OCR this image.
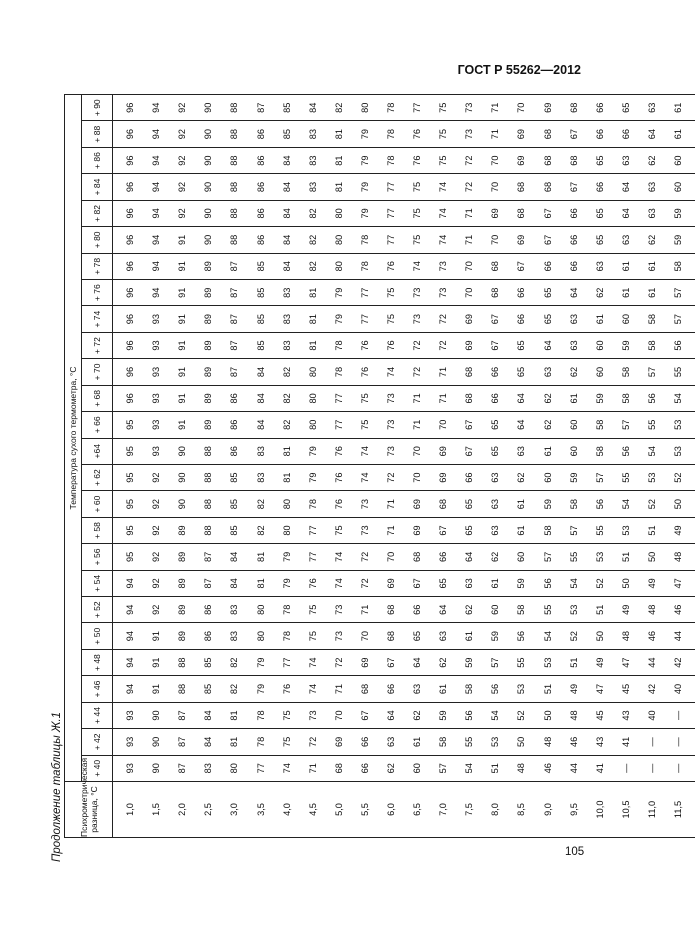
ГОСТ Р 55262—2012

Продолжение таблицы Ж.1 Психрометрическая разница, °С	Температура сухого термометра, °С																									
	+ 40	+ 42	+ 44	+ 46	+ 48	+ 50	+ 52	+ 54	+ 56	+ 58	+ 60	+ 62	+64	+ 66	+ 68	+ 70	+ 72	+ 74	+ 76	+ 78	+ 80	+ 82	+ 84	+ 86	+ 88	+ 90
1,0	93	93	93	94	94	94	94	94	95	95	95	95	95	95	96	96	96	96	96	96	96	96	96	96	96	96
1,5	90	90	90	91	91	91	92	92	92	92	92	92	93	93	93	93	93	93	94	94	94	94	94	94	94	94
2,0	87	87	87	88	88	89	89	89	89	89	90	90	90	91	91	91	91	91	91	91	91	92	92	92	92	92
2,5	83	84	84	85	85	86	86	87	87	88	88	88	88	89	89	89	89	89	89	89	90	90	90	90	90	90
3,0	80	81	81	82	82	83	83	84	84	85	85	85	86	86	86	87	87	87	87	87	88	88	88	88	88	88
3,5	77	78	78	79	79	80	80	81	81	82	82	83	83	84	84	84	85	85	85	85	86	86	86	86	86	87
4,0	74	75	75	76	77	78	78	79	79	80	80	81	81	82	82	82	83	83	83	84	84	84	84	84	85	85
4,5	71	72	73	74	74	75	75	76	77	77	78	79	79	80	80	80	81	81	81	82	82	82	83	83	83	84
5,0	68	69	70	71	72	73	73	74	74	75	76	76	76	77	77	78	78	79	79	80	80	80	81	81	81	82
5,5	66	66	67	68	69	70	71	72	72	73	73	74	74	75	75	76	76	77	77	78	78	79	79	79	79	80
6,0	62	63	64	66	67	68	68	69	70	71	71	72	73	73	73	74	76	75	75	76	77	77	77	78	78	78
6,5	60	61	62	63	64	65	66	67	68	69	69	70	70	71	71	72	72	73	73	74	75	75	75	76	76	77
7,0	57	58	59	61	62	63	64	65	66	67	68	69	69	70	71	71	72	72	73	73	74	74	74	75	75	75
7,5	54	55	56	58	59	61	62	63	64	65	65	66	67	67	68	68	69	69	70	70	71	71	72	72	73	73
8,0	51	53	54	56	57	59	60	61	62	63	63	63	65	65	66	66	67	67	68	68	70	69	70	70	71	71
8,5	48	50	52	53	55	56	58	59	60	61	61	62	63	64	64	65	65	66	66	67	69	68	68	69	69	70
9,0	46	48	50	51	53	54	55	56	57	58	59	60	61	62	62	63	64	65	65	66	67	67	68	68	68	69
9,5	44	46	48	49	51	52	53	54	55	57	58	59	60	60	61	62	63	63	64	66	66	66	67	68	67	68
10,0	41	43	45	47	49	50	51	52	53	55	56	57	58	58	59	60	60	61	62	63	65	65	66	65	66	66
10,5	—	41	43	45	47	48	49	50	51	53	54	55	56	57	58	58	59	60	61	61	63	64	64	63	66	65
11,0	—	—	40	42	44	46	48	49	50	51	52	53	54	55	56	57	58	58	61	61	62	63	63	62	64	63
11,5	—	—	—	40	42	44	46	47	48	49	50	52	53	53	54	55	56	57	57	58	59	59	60	60	61	61

105
